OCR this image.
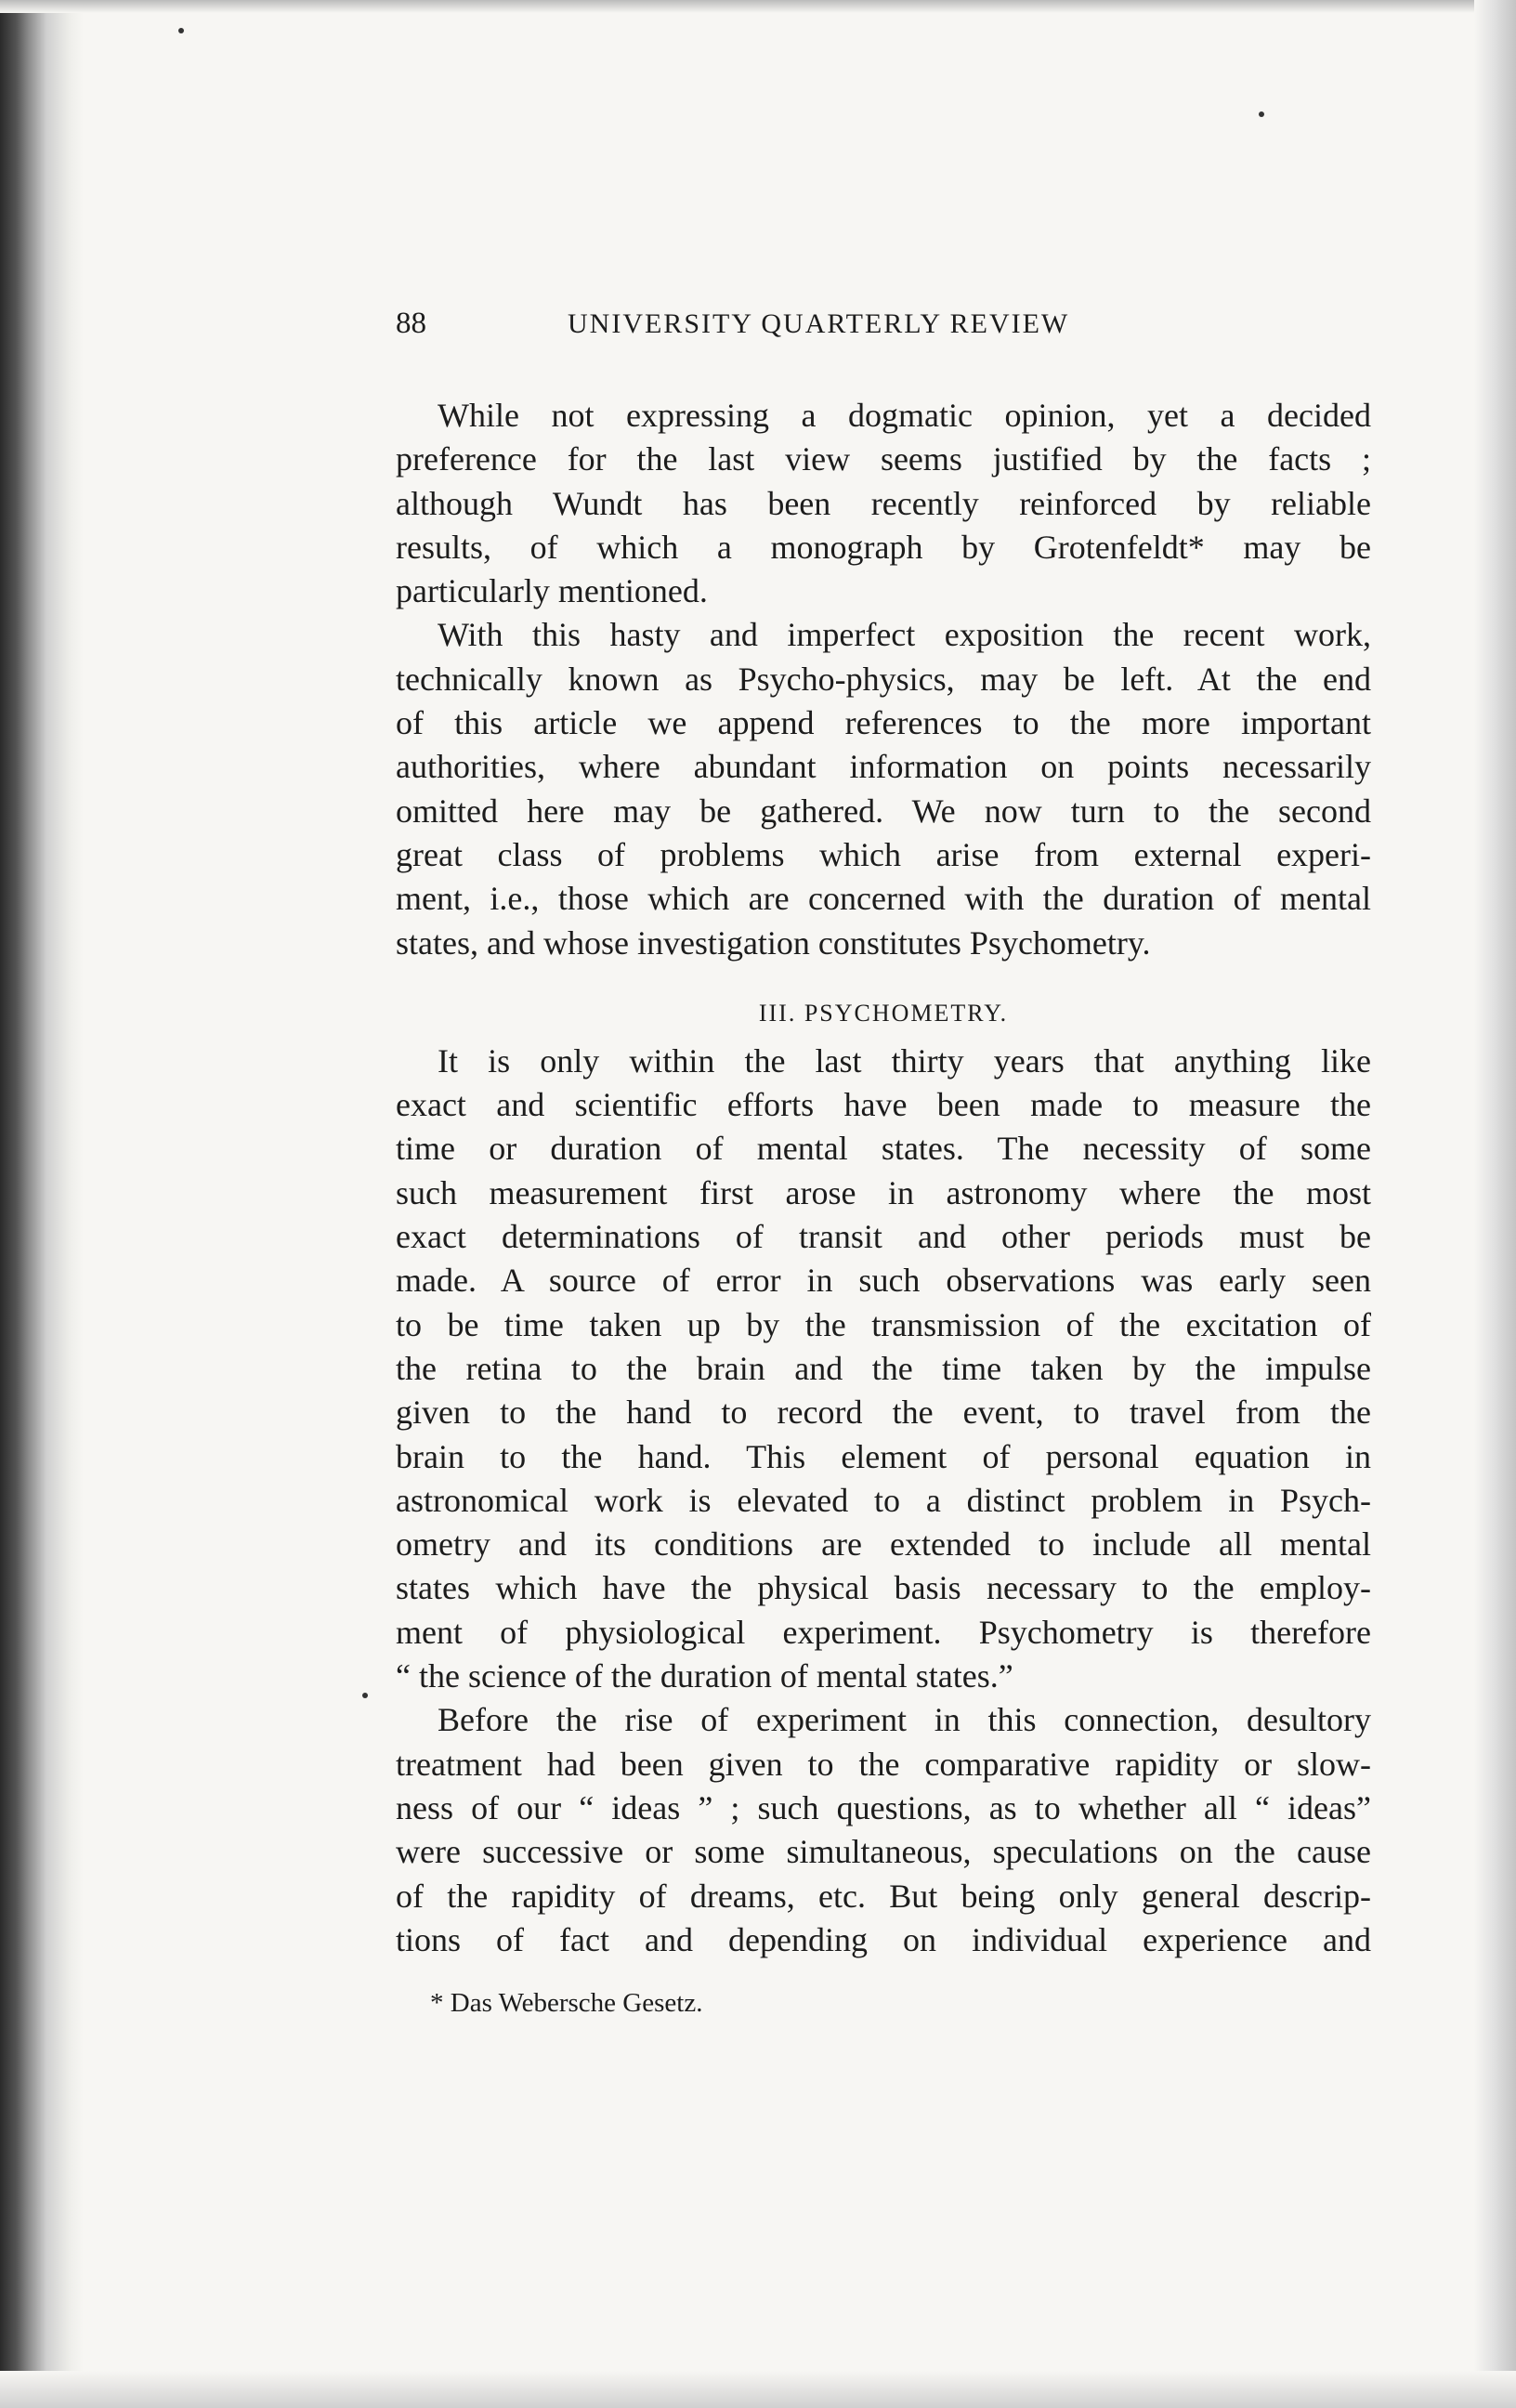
88	UNIVERSITY QUARTERLY REVIEW
While not expressing a dogmatic opinion, yet a decided
preference for the last view seems justified by the facts ;
although Wundt has been recently reinforced by reliable
results, of which a monograph by Grotenfeldt* may be
particularly mentioned.
With this hasty and imperfect exposition the recent work,
technically known as Psycho-physics, may be left. At the end
of this article we append references to the more important
authorities, where abundant information on points necessarily
omitted here may be gathered. We now turn to the second
great class of problems which arise from external experi-
ment, i.e., those which are concerned with the duration of mental
states, and whose investigation constitutes Psychometry.
III. PSYCHOMETRY.
It is only within the last thirty years that anything like
exact and scientific efforts have been made to measure the
time or duration of mental states. The necessity of some
such measurement first arose in astronomy where the most
exact determinations of transit and other periods must be
made. A source of error in such observations was early seen
to be time taken up by the transmission of the excitation of
the retina to the brain and the time taken by the impulse
given to the hand to record the event, to travel from the
brain to the hand. This element of personal equation in
astronomical work is elevated to a distinct problem in Psych-
ometry and its conditions are extended to include all mental
states which have the physical basis necessary to the employ-
ment of physiological experiment. Psychometry is therefore
“ the science of the duration of mental states.”
Before the rise of experiment in this connection, desultory
treatment had been given to the comparative rapidity or slow-
ness of our “ ideas ” ; such questions, as to whether all “ ideas”
were successive or some simultaneous, speculations on the cause
of the rapidity of dreams, etc. But being only general descrip-
tions of fact and depending on individual experience and
* Das Webersche Gesetz.
